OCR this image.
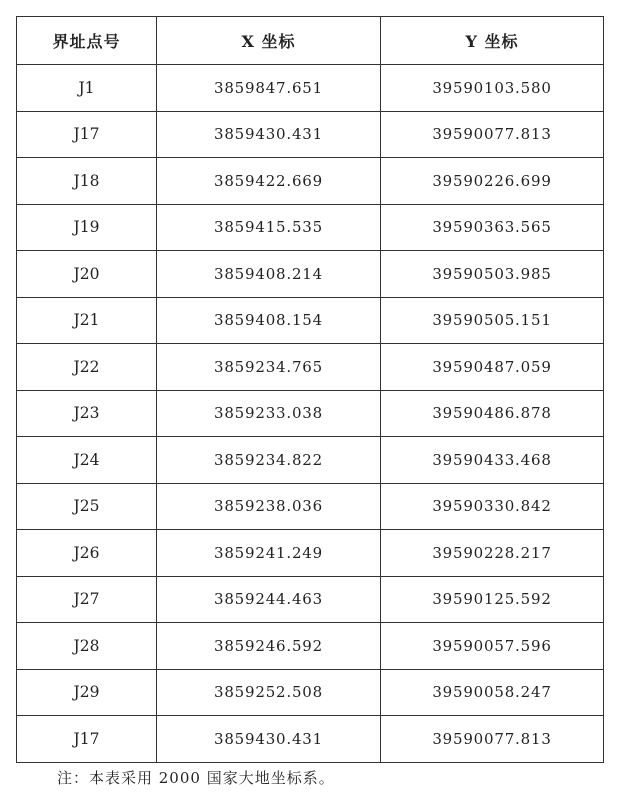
界址点号	X 坐标	Y 坐标
J1	3859847.651	39590103.580
J17	3859430.431	39590077.813
J18	3859422.669	39590226.699
J19	3859415.535	39590363.565
J20	3859408.214	39590503.985
J21	3859408.154	39590505.151
J22	3859234.765	39590487.059
J23	3859233.038	39590486.878
J24	3859234.822	39590433.468
J25	3859238.036	39590330.842
J26	3859241.249	39590228.217
J27	3859244.463	39590125.592
J28	3859246.592	39590057.596
J29	3859252.508	39590058.247
J17	3859430.431	39590077.813
注：本表采用 2000 国家大地坐标系。
